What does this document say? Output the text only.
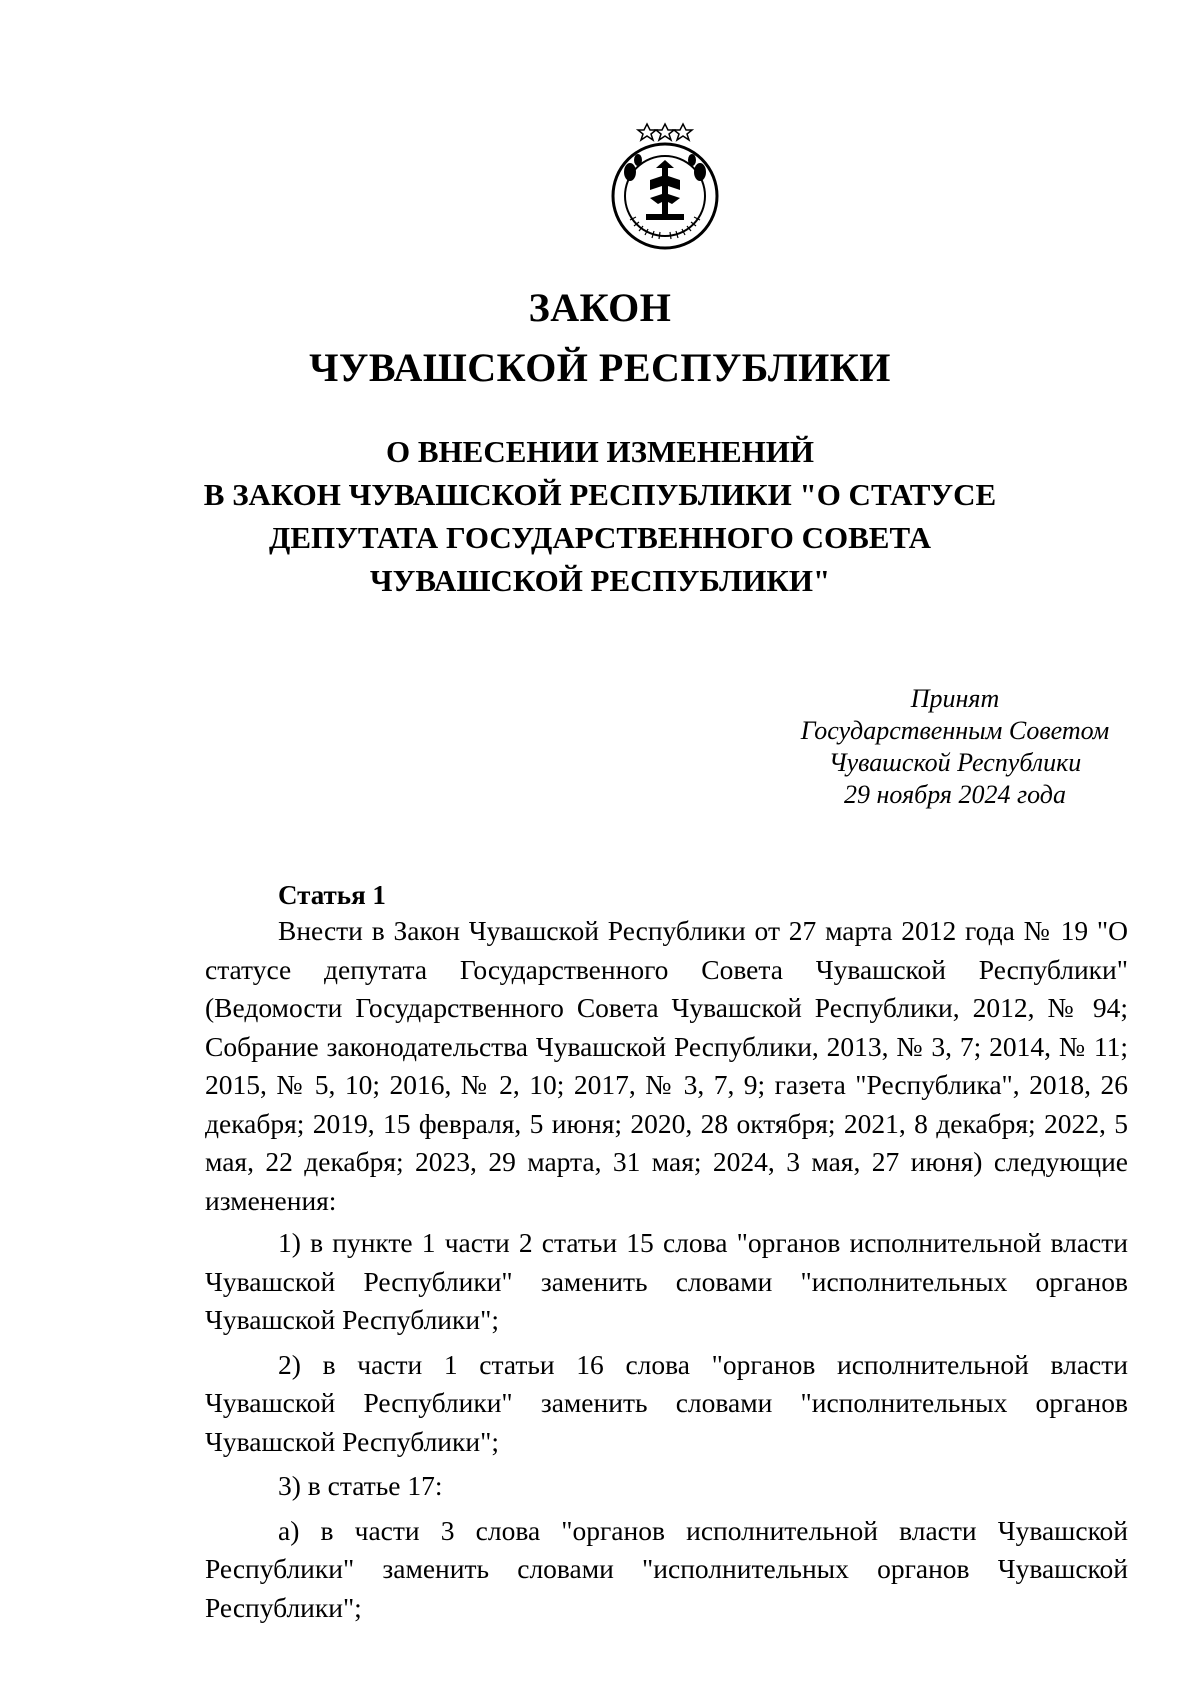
ЗАКОН
ЧУВАШСКОЙ РЕСПУБЛИКИ
О ВНЕСЕНИИ ИЗМЕНЕНИЙ
В ЗАКОН ЧУВАШСКОЙ РЕСПУБЛИКИ "О СТАТУСЕ
ДЕПУТАТА ГОСУДАРСТВЕННОГО СОВЕТА
ЧУВАШСКОЙ РЕСПУБЛИКИ"
Принят
Государственным Советом
Чувашской Республики
29 ноября 2024 года
Статья 1

Внести в Закон Чувашской Республики от 27 марта 2012 года № 19 "О статусе депутата Государственного Совета Чувашской Республики" (Ведомости Государственного Совета Чувашской Республики, 2012, № 94; Собрание законодательства Чувашской Республики, 2013, № 3, 7; 2014, № 11; 2015, № 5, 10; 2016, № 2, 10; 2017, № 3, 7, 9; газета "Республика", 2018, 26 декабря; 2019, 15 февраля, 5 июня; 2020, 28 октября; 2021, 8 декабря; 2022, 5 мая, 22 декабря; 2023, 29 марта, 31 мая; 2024, 3 мая, 27 июня) следующие изменения:

1) в пункте 1 части 2 статьи 15 слова "органов исполнительной власти Чувашской Республики" заменить словами "исполнительных органов Чувашской Республики";

2) в части 1 статьи 16 слова "органов исполнительной власти Чувашской Республики" заменить словами "исполнительных органов Чувашской Республики";

3) в статье 17:

а) в части 3 слова "органов исполнительной власти Чувашской Республики" заменить словами "исполнительных органов Чувашской Республики";
